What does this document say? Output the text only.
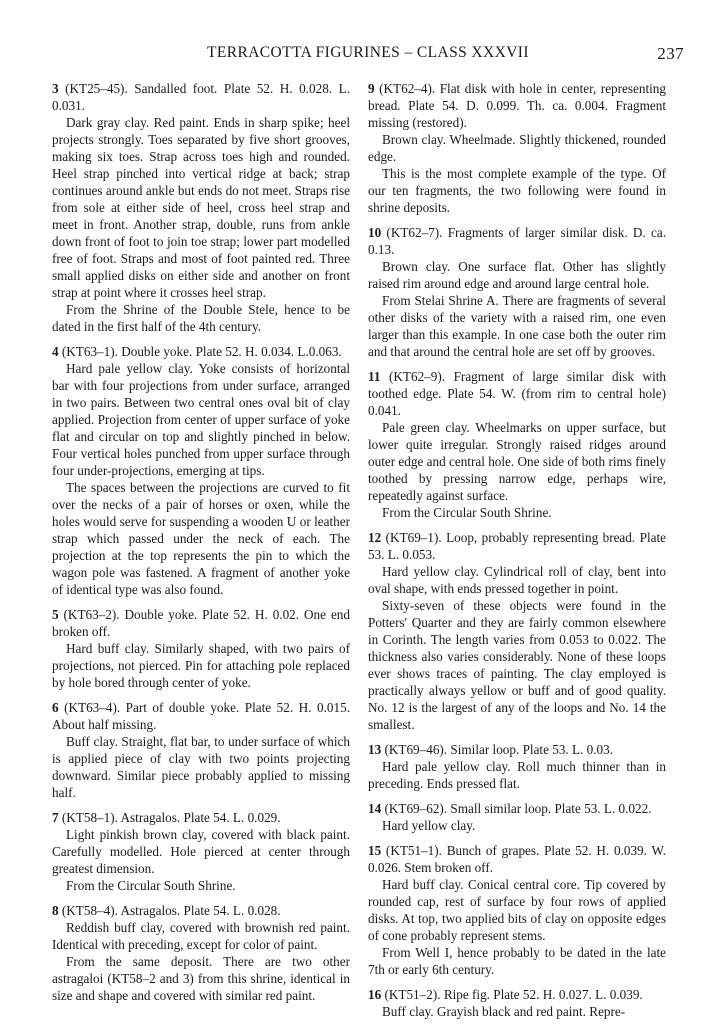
TERRACOTTA FIGURINES – CLASS XXXVII	237

3 (KT25–45). Sandalled foot. Plate 52. H. 0.028. L. 0.031.

Dark gray clay. Red paint. Ends in sharp spike; heel projects strongly. Toes separated by five short grooves, making six toes. Strap across toes high and rounded. Heel strap pinched into vertical ridge at back; strap continues around ankle but ends do not meet. Straps rise from sole at either side of heel, cross heel strap and meet in front. Another strap, double, runs from ankle down front of foot to join toe strap; lower part modelled free of foot. Straps and most of foot painted red. Three small applied disks on either side and another on front strap at point where it crosses heel strap.

From the Shrine of the Double Stele, hence to be dated in the first half of the 4th century.

4 (KT63–1). Double yoke. Plate 52. H. 0.034. L.0.063.

Hard pale yellow clay. Yoke consists of horizontal bar with four projections from under surface, arranged in two pairs. Between two central ones oval bit of clay applied. Projection from center of upper surface of yoke flat and circular on top and slightly pinched in below. Four vertical holes punched from upper surface through four under-projections, emerging at tips.

The spaces between the projections are curved to fit over the necks of a pair of horses or oxen, while the holes would serve for suspending a wooden U or leather strap which passed under the neck of each. The projection at the top represents the pin to which the wagon pole was fastened. A fragment of another yoke of identical type was also found.

5 (KT63–2). Double yoke. Plate 52. H. 0.02. One end broken off.

Hard buff clay. Similarly shaped, with two pairs of projections, not pierced. Pin for attaching pole replaced by hole bored through center of yoke.

6 (KT63–4). Part of double yoke. Plate 52. H. 0.015. About half missing.

Buff clay. Straight, flat bar, to under surface of which is applied piece of clay with two points projecting downward. Similar piece probably applied to missing half.

7 (KT58–1). Astragalos. Plate 54. L. 0.029.

Light pinkish brown clay, covered with black paint. Carefully modelled. Hole pierced at center through greatest dimension.

From the Circular South Shrine.

8 (KT58–4). Astragalos. Plate 54. L. 0.028.

Reddish buff clay, covered with brownish red paint. Identical with preceding, except for color of paint.

From the same deposit. There are two other astragaloi (KT58–2 and 3) from this shrine, identical in size and shape and covered with similar red paint.

9 (KT62–4). Flat disk with hole in center, representing bread. Plate 54. D. 0.099. Th. ca. 0.004. Fragment missing (restored).

Brown clay. Wheelmade. Slightly thickened, rounded edge.

This is the most complete example of the type. Of our ten fragments, the two following were found in shrine deposits.

10 (KT62–7). Fragments of larger similar disk. D. ca. 0.13.

Brown clay. One surface flat. Other has slightly raised rim around edge and around large central hole.

From Stelai Shrine A. There are fragments of several other disks of the variety with a raised rim, one even larger than this example. In one case both the outer rim and that around the central hole are set off by grooves.

11 (KT62–9). Fragment of large similar disk with toothed edge. Plate 54. W. (from rim to central hole) 0.041.

Pale green clay. Wheelmarks on upper surface, but lower quite irregular. Strongly raised ridges around outer edge and central hole. One side of both rims finely toothed by pressing narrow edge, perhaps wire, repeatedly against surface.

From the Circular South Shrine.

12 (KT69–1). Loop, probably representing bread. Plate 53. L. 0.053.

Hard yellow clay. Cylindrical roll of clay, bent into oval shape, with ends pressed together in point.

Sixty-seven of these objects were found in the Potters' Quarter and they are fairly common elsewhere in Corinth. The length varies from 0.053 to 0.022. The thickness also varies considerably. None of these loops ever shows traces of painting. The clay employed is practically always yellow or buff and of good quality. No. 12 is the largest of any of the loops and No. 14 the smallest.

13 (KT69–46). Similar loop. Plate 53. L. 0.03.

Hard pale yellow clay. Roll much thinner than in preceding. Ends pressed flat.

14 (KT69–62). Small similar loop. Plate 53. L. 0.022.

Hard yellow clay.

15 (KT51–1). Bunch of grapes. Plate 52. H. 0.039. W. 0.026. Stem broken off.

Hard buff clay. Conical central core. Tip covered by rounded cap, rest of surface by four rows of applied disks. At top, two applied bits of clay on opposite edges of cone probably represent stems.

From Well I, hence probably to be dated in the late 7th or early 6th century.

16 (KT51–2). Ripe fig. Plate 52. H. 0.027. L. 0.039.

Buff clay. Grayish black and red paint. Repre-
